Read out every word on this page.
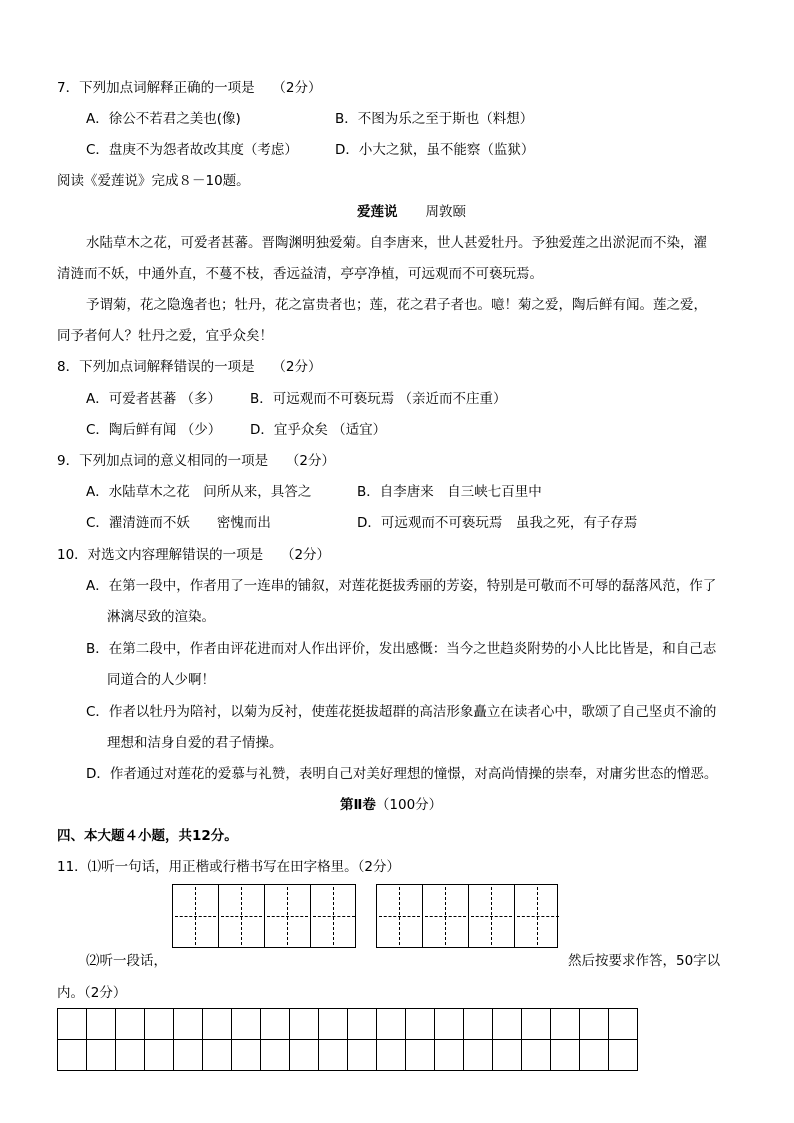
7．下列加点词解释正确的一项是　 （2分）
A．徐公不若君之美也(像)	B．不图为乐之至于斯也（料想）
C．盘庚不为怨者故改其度（考虑）	D．小大之狱，虽不能察（监狱）
阅读《爱莲说》完成８－10题。
爱莲说 周敦颐
水陆草木之花，可爱者甚蕃。晋陶渊明独爱菊。自李唐来，世人甚爱牡丹。予独爱莲之出淤泥而不染，濯
清涟而不妖，中通外直，不蔓不枝，香远益清，亭亭净植，可远观而不可亵玩焉。
予谓菊，花之隐逸者也；牡丹，花之富贵者也；莲，花之君子者也。噫！菊之爱，陶后鲜有闻。莲之爱，
同予者何人？牡丹之爱，宜乎众矣！
8．下列加点词解释错误的一项是　 （2分）
A．可爱者甚蕃 （多） B．可远观而不可亵玩焉 （亲近而不庄重）
C．陶后鲜有闻 （少） D．宜乎众矣 （适宜）
9．下列加点词的意义相同的一项是　 （2分）
A．水陆草木之花　问所从来，具答之	B．自李唐来　自三峡七百里中
C．濯清涟而不妖　　密愧而出	D．可远观而不可亵玩焉　虽我之死，有子存焉
10．对选文内容理解错误的一项是　 （2分）
A．在第一段中，作者用了一连串的铺叙，对莲花挺拔秀丽的芳姿，特别是可敬而不可辱的磊落风范，作了
淋漓尽致的渲染。
B．在第二段中，作者由评花进而对人作出评价，发出感慨：当今之世趋炎附势的小人比比皆是，和自己志
同道合的人少啊！
C．作者以牡丹为陪衬，以菊为反衬，使莲花挺拔超群的高洁形象矗立在读者心中，歌颂了自己坚贞不渝的
理想和洁身自爱的君子情操。
D．作者通过对莲花的爱慕与礼赞，表明自己对美好理想的憧憬，对高尚情操的崇奉，对庸劣世态的憎恶。
第Ⅱ卷（100分）
四、本大题４小题，共12分。
11．⑴听一句话，用正楷或行楷书写在田字格里。（2分）
⑵听一段话，	然后按要求作答，50字以
内。（2分）
